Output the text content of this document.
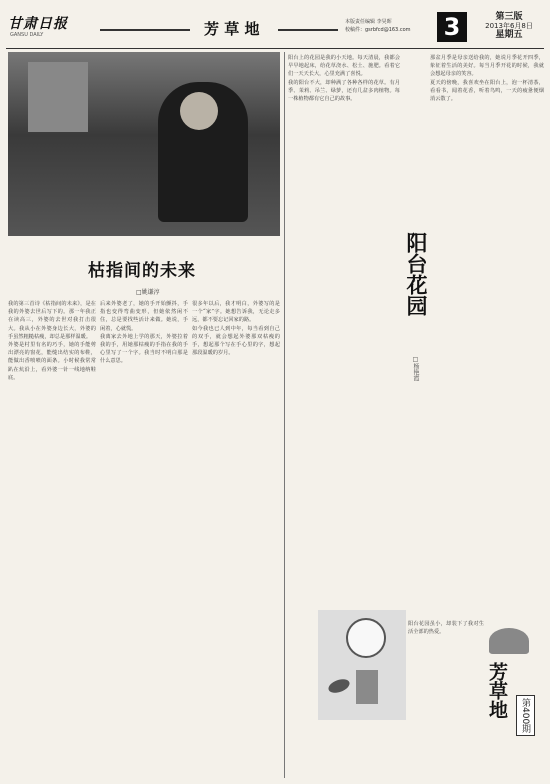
甘肃日报
GANSU DAILY	芳 草 地	本版责任编辑 李昊晖
校稿件：gsrbfcd@163.com	3	第三版
2013年6月8日
星期五
枯指间的未来
□姚谦淳

我的第三首诗《枯指间的未来》，是在我的外婆去世后写下的。那一年我正在读高三，外婆的去世对我打击很大。我从小在外婆身边长大，外婆的手虽然粗糙枯瘦，却总是那样温暖。

外婆是村里有名的巧手，她的手能剪出漂亮的窗花，能缝出结实的布鞋，能做出香喷喷的面条。小时候我常常趴在炕沿上，看外婆一针一线地纳鞋底。

后来外婆老了，她的手开始颤抖，手指也变得弯曲变形，但她依然闲不住，总是要找些活计来做。她说，手闲着，心就慌。

我离家去外地上学的那天，外婆拉着我的手，用她那枯瘦的手指在我的手心里写了一个字。我当时不明白那是什么意思。

很多年以后，我才明白，外婆写的是一个“家”字。她想告诉我，无论走多远，都不要忘记回家的路。

如今我也已人到中年，每当看到自己的双手，就会想起外婆那双枯瘦的手，想起那个写在手心里的字，想起那段温暖的岁月。

阳台上的花园是我的小天地。每天清晨，我都会早早地起床，给花草浇水、松土、施肥。看着它们一天天长大，心里充满了喜悦。

我的阳台不大，却种满了各种各样的花草。有月季、茉莉、吊兰、绿萝，还有几盆多肉植物。每一株植物都有它自己的故事。

阳台花园
□杨艳霞

那盆月季是母亲送给我的，她说月季花开四季，象征着生活的美好。每当月季开花的时候，我就会想起母亲的笑容。

夏天的傍晚，我喜欢坐在阳台上，泡一杯清茶，看看书，闻着花香，听着鸟鸣，一天的疲惫便烟消云散了。

阳台花园虽小，却装下了我对生活全部的热爱。

芳草地	第400期
